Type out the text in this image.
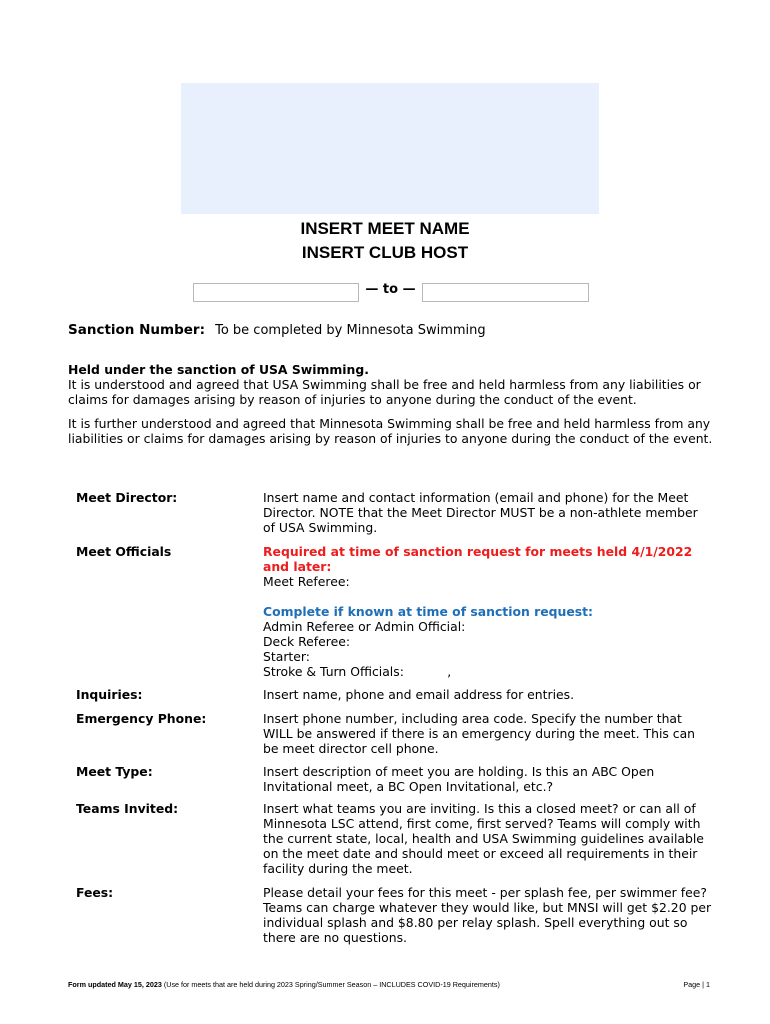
INSERT MEET NAME
INSERT CLUB HOST
— to —
Sanction Number: To be completed by Minnesota Swimming
Held under the sanction of USA Swimming.

It is understood and agreed that USA Swimming shall be free and held harmless from any liabilities or claims for damages arising by reason of injuries to anyone during the conduct of the event.

It is further understood and agreed that Minnesota Swimming shall be free and held harmless from any liabilities or claims for damages arising by reason of injuries to anyone during the conduct of the event.

Meet Director:	Insert name and contact information (email and phone) for the Meet Director. NOTE that the Meet Director MUST be a non-athlete member of USA Swimming.
Meet Officials	Required at time of sanction request for meets held 4/1/2022 and later:
Meet Referee:
Complete if known at time of sanction request:
Admin Referee or Admin Official:
Deck Referee:
Starter:
Stroke & Turn Officials:           ,
Inquiries:	Insert name, phone and email address for entries.
Emergency Phone:	Insert phone number, including area code. Specify the number that WILL be answered if there is an emergency during the meet. This can be meet director cell phone.
Meet Type:	Insert description of meet you are holding. Is this an ABC Open Invitational meet, a BC Open Invitational, etc.?
Teams Invited:	Insert what teams you are inviting. Is this a closed meet? or can all of Minnesota LSC attend, first come, first served? Teams will comply with the current state, local, health and USA Swimming guidelines available on the meet date and should meet or exceed all requirements in their facility during the meet.
Fees:	Please detail your fees for this meet - per splash fee, per swimmer fee? Teams can charge whatever they would like, but MNSI will get $2.20 per individual splash and $8.80 per relay splash. Spell everything out so there are no questions.
Form updated May 15, 2023 (Use for meets that are held during 2023 Spring/Summer Season – INCLUDES COVID-19 Requirements)	Page | 1
